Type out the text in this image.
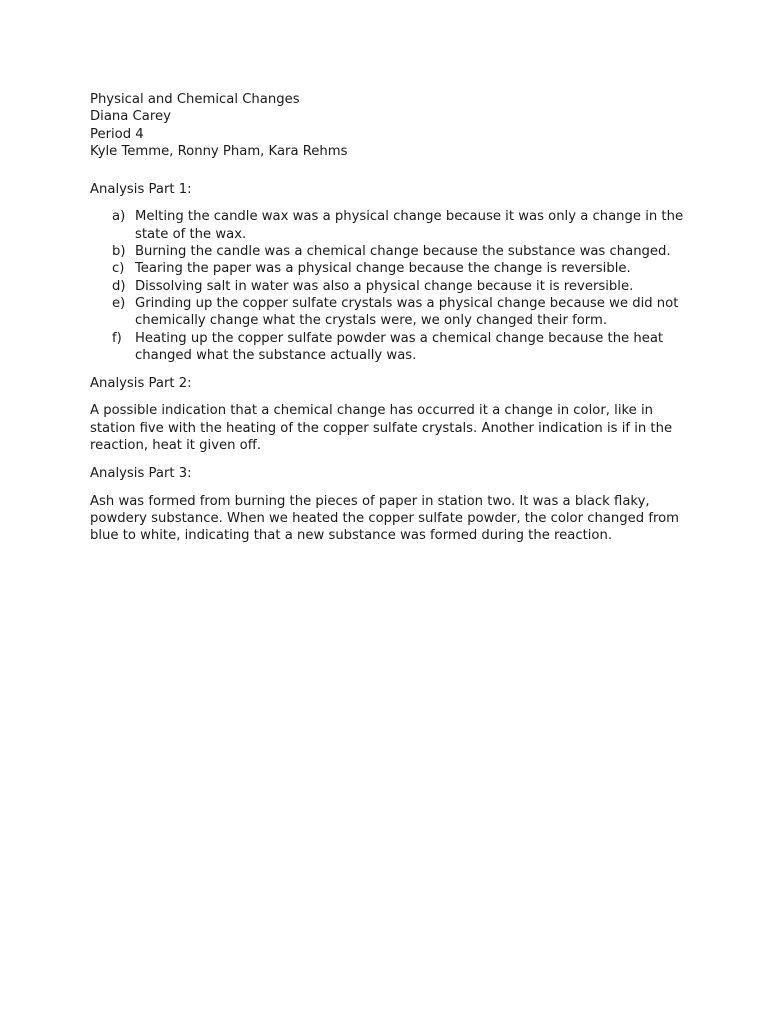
Physical and Chemical Changes
Diana Carey
Period 4
Kyle Temme, Ronny Pham, Kara Rehms

Analysis Part 1:

a) Melting the candle wax was a physical change because it was only a change in the state of the wax.
b) Burning the candle was a chemical change because the substance was changed.
c) Tearing the paper was a physical change because the change is reversible.
d) Dissolving salt in water was also a physical change because it is reversible.
e) Grinding up the copper sulfate crystals was a physical change because we did not chemically change what the crystals were, we only changed their form.
f)	Heating up the copper sulfate powder was a chemical change because the heat changed what the substance actually was.

Analysis Part 2:

A possible indication that a chemical change has occurred it a change in color, like in station five with the heating of the copper sulfate crystals. Another indication is if in the reaction, heat it given off.

Analysis Part 3:

Ash was formed from burning the pieces of paper in station two. It was a black flaky, powdery substance. When we heated the copper sulfate powder, the color changed from blue to white, indicating that a new substance was formed during the reaction.
